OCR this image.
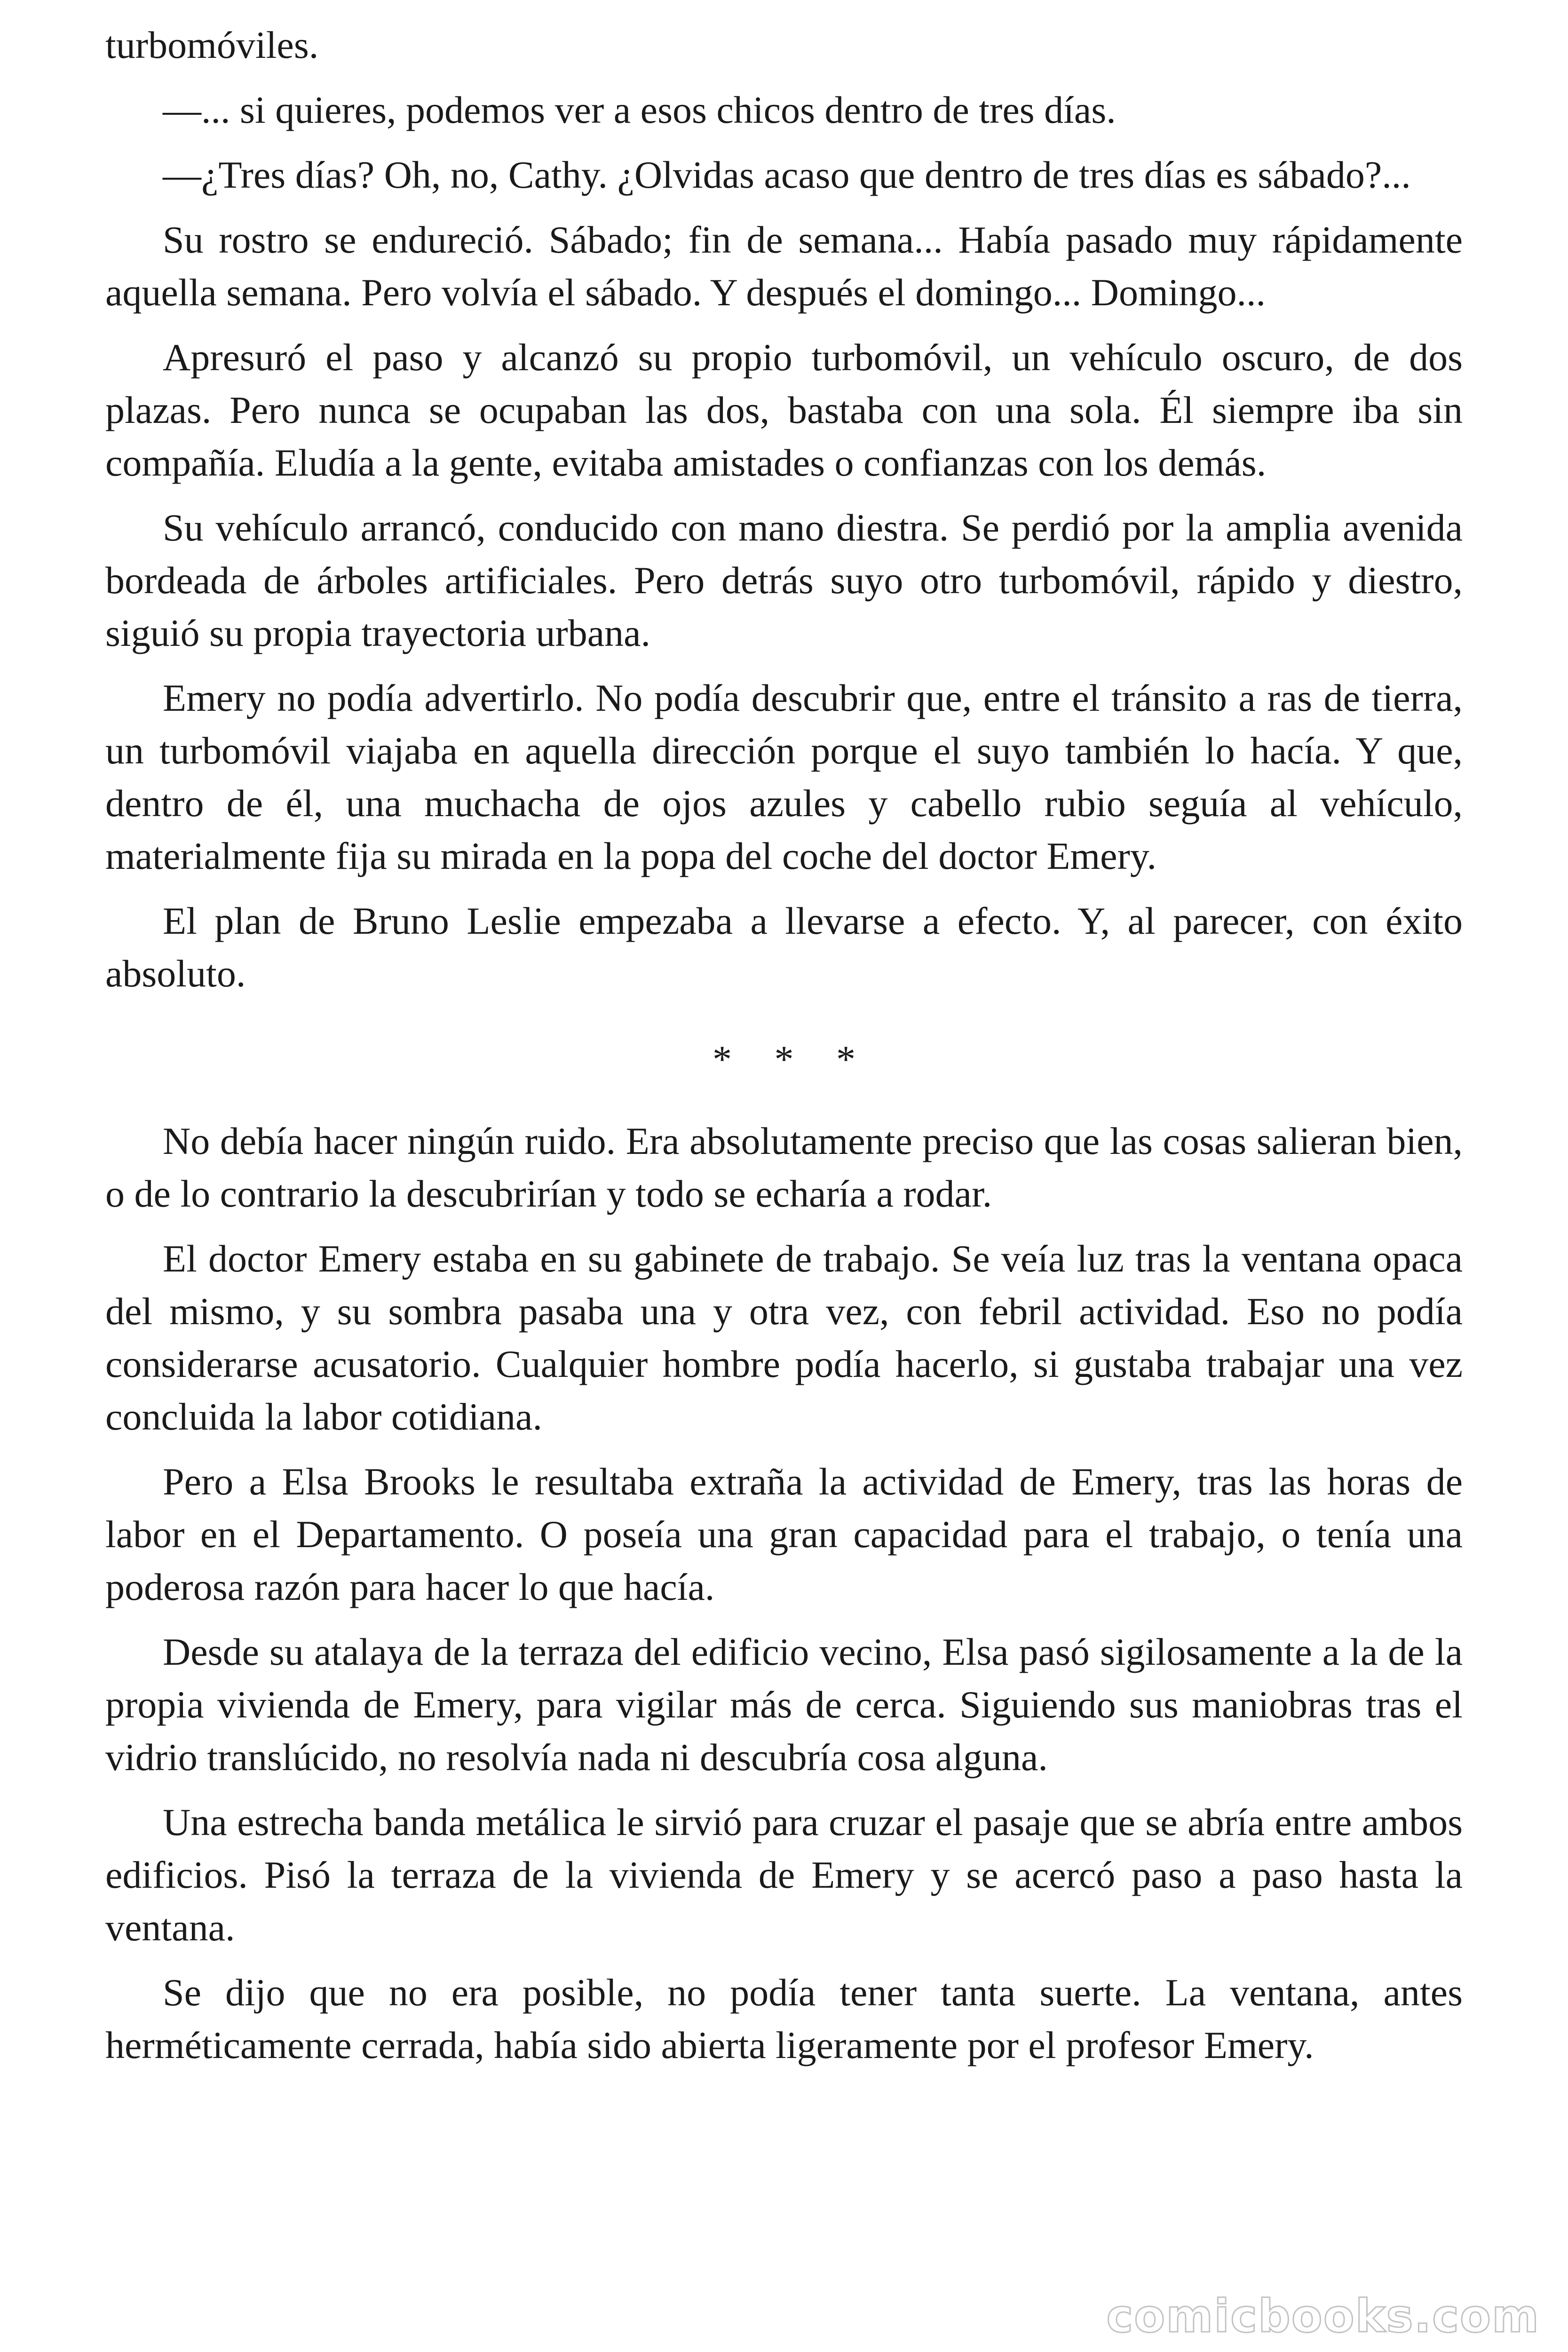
turbomóviles.

—... si quieres, podemos ver a esos chicos dentro de tres días.

—¿Tres días? Oh, no, Cathy. ¿Olvidas acaso que dentro de tres días es sábado?...

Su rostro se endureció. Sábado; fin de semana... Había pasado muy rápidamente aquella semana. Pero volvía el sábado. Y después el domingo... Domingo...

Apresuró el paso y alcanzó su propio turbomóvil, un vehículo oscuro, de dos plazas. Pero nunca se ocupaban las dos, bastaba con una sola. Él siempre iba sin compañía. Eludía a la gente, evitaba amistades o confianzas con los demás.

Su vehículo arrancó, conducido con mano diestra. Se perdió por la amplia avenida bordeada de árboles artificiales. Pero detrás suyo otro turbomóvil, rápido y diestro, siguió su propia trayectoria urbana.

Emery no podía advertirlo. No podía descubrir que, entre el tránsito a ras de tierra, un turbomóvil viajaba en aquella dirección porque el suyo también lo hacía. Y que, dentro de él, una muchacha de ojos azules y cabello rubio seguía al vehículo, materialmente fija su mirada en la popa del coche del doctor Emery.

El plan de Bruno Leslie empezaba a llevarse a efecto. Y, al parecer, con éxito absoluto.

* * *

No debía hacer ningún ruido. Era absolutamente preciso que las cosas salieran bien, o de lo contrario la descubrirían y todo se echaría a rodar.

El doctor Emery estaba en su gabinete de trabajo. Se veía luz tras la ventana opaca del mismo, y su sombra pasaba una y otra vez, con febril actividad. Eso no podía considerarse acusatorio. Cualquier hombre podía hacerlo, si gustaba trabajar una vez concluida la labor cotidiana.

Pero a Elsa Brooks le resultaba extraña la actividad de Emery, tras las horas de labor en el Departamento. O poseía una gran capacidad para el trabajo, o tenía una poderosa razón para hacer lo que hacía.

Desde su atalaya de la terraza del edificio vecino, Elsa pasó sigilosamente a la de la propia vivienda de Emery, para vigilar más de cerca. Siguiendo sus maniobras tras el vidrio translúcido, no resolvía nada ni descubría cosa alguna.

Una estrecha banda metálica le sirvió para cruzar el pasaje que se abría entre ambos edificios. Pisó la terraza de la vivienda de Emery y se acercó paso a paso hasta la ventana.

Se dijo que no era posible, no podía tener tanta suerte. La ventana, antes herméticamente cerrada, había sido abierta ligeramente por el profesor Emery.

comicbooks.com
